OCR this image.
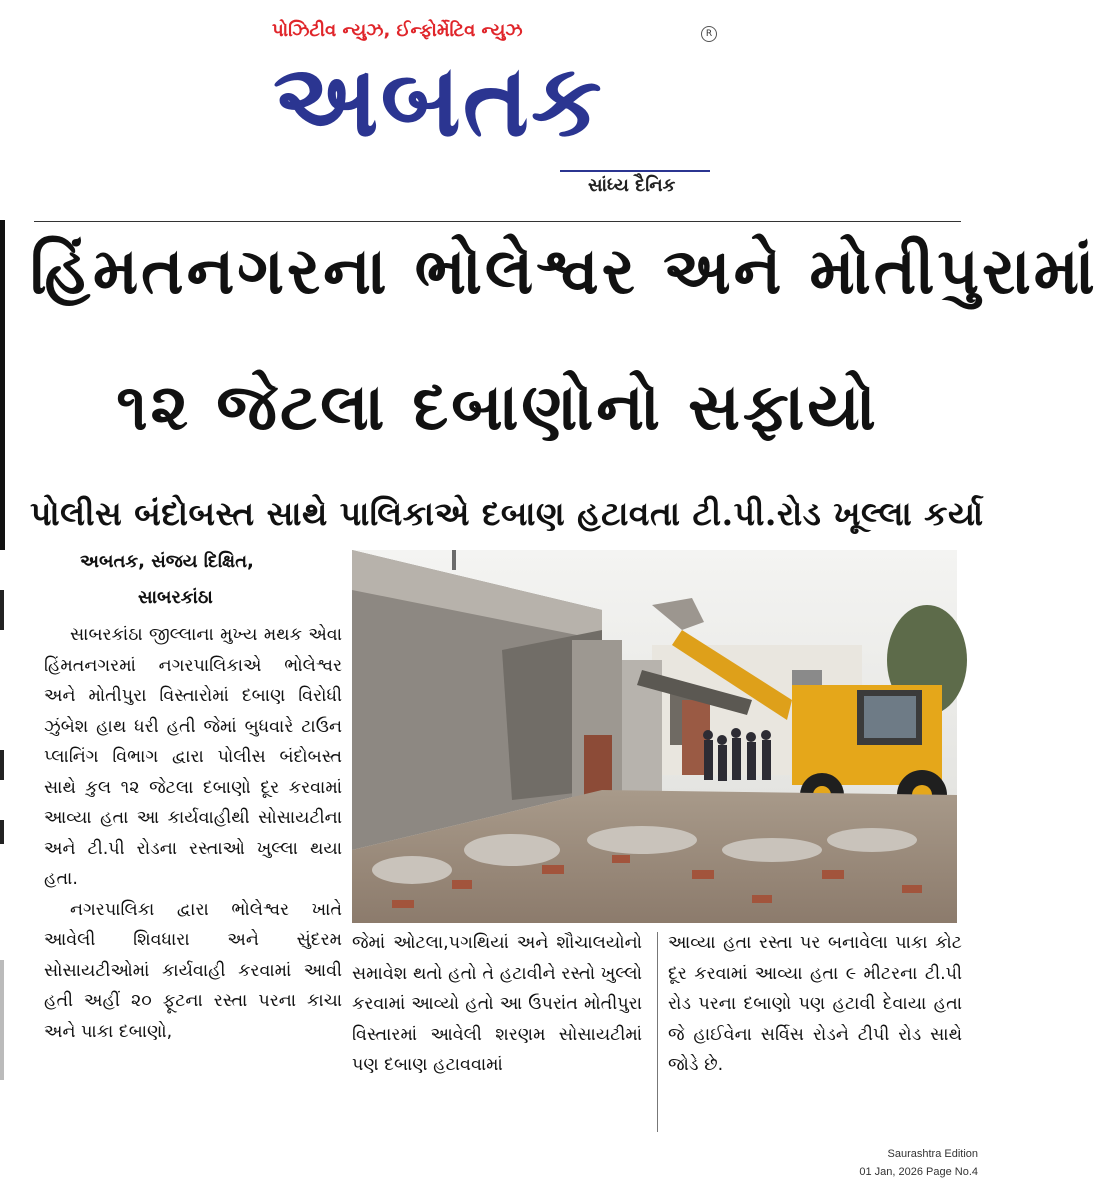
પોઝિટીવ ન્યુઝ, ઈન્ફોર્મેટિવ ન્યુઝ	R
અબતક
સાંધ્ય દૈનિક
હિંમતનગરના ભોલેશ્વર અને મોતીપુરામાં
૧૨ જેટલા દબાણોનો સફાયો
પોલીસ બંદોબસ્ત સાથે પાલિકાએ દબાણ હટાવતા ટી.પી.રોડ ખૂલ્લા કર્યા
અબતક, સંજય દિક્ષિત,
સાબરકાંઠા

સાબરકાંઠા જીલ્લાના મુખ્ય મથક એવા હિંમતનગરમાં નગરપાલિકાએ ભોલેશ્વર અને મોતીપુરા વિસ્તારોમાં દબાણ વિરોધી ઝુંબેશ હાથ ધરી હતી જેમાં બુધવારે ટાઉન પ્લાનિંગ વિભાગ દ્વારા પોલીસ બંદોબસ્ત સાથે કુલ ૧૨ જેટલા દબાણો દૂર કરવામાં આવ્યા હતા આ કાર્યવાહીથી સોસાયટીના અને ટી.પી રોડના રસ્તાઓ ખુલ્લા થયા હતા.

નગરપાલિકા દ્વારા ભોલેશ્વર ખાતે આવેલી શિવધારા અને સુંદરમ સોસાયટીઓમાં કાર્યવાહી કરવામાં આવી હતી અહીં ૨૦ ફૂટના રસ્તા પરના કાચા અને પાકા દબાણો,

જેમાં ઓટલા,પગથિયાં અને શૌચાલયોનો સમાવેશ થતો હતો તે હટાવીને રસ્તો ખુલ્લો કરવામાં આવ્યો હતો આ ઉપરાંત મોતીપુરા વિસ્તારમાં આવેલી શરણમ સોસાયટીમાં પણ દબાણ હટાવવામાં

આવ્યા હતા રસ્તા પર બનાવેલા પાકા કોટ દૂર કરવામાં આવ્યા હતા ૯ મીટરના ટી.પી રોડ પરના દબાણો પણ હટાવી દેવાયા હતા જે હાઈવેના સર્વિસ રોડને ટીપી રોડ સાથે જોડે છે.

Saurashtra Edition
01 Jan, 2026 Page No.4
